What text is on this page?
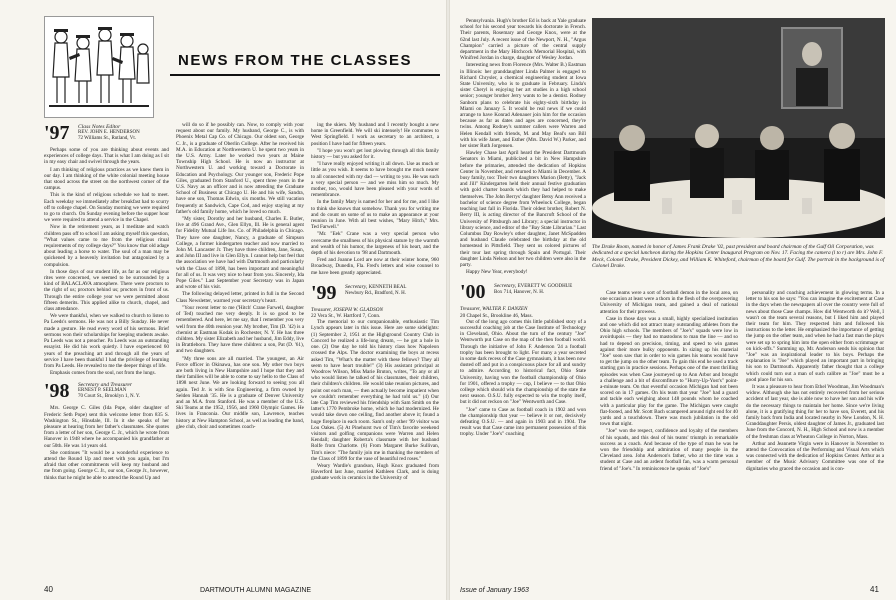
NEWS FROM THE CLASSES
'97 Class Notes Editor
REV. JOHN E. HENDERSON
72 Williams St., Rutland, Vt.

Perhaps some of you are thinking about events and experiences of college days. That is what I am doing as I sit in my easy chair and swivel through the years.

I am thinking of religious practices as we knew them in our day. I am thinking of the white colonial meeting house that stood across the street on the northwest corner of the campus.

This is the kind of religious schedule we had to meet. Each weekday we immediately after breakfast had to scurry off to college chapel. On Sunday morning we were required to go to church. On Sunday evening before the supper hour we were required to attend a service in the Chapel.

Now in the retirement years, as I meditate and watch children pass off to school I am asking myself this question, "What values came to me from the religious ritual requirements of my college days?" You know that old adage about leading a horse to water. The soul of a man may be quickened by a heavenly invitation but antagonized by a compulsion.

In those days of our student life, as far as our religious rites were concerned, we seemed to be surrounded by a kind of BALACLAVA atmosphere. There were proctors to the right of us; proctors behind us; proctors in front of us. Through the entire college year we were permitted about fifteen demerits. This applied alike to church, chapel, and class attendance.

We were thankful, when we walked to church to listen to Pa Leeds's sermons. He was not a Billy Sunday. He never made a gesture. He read every word of his sermons. Brief sermons won their scholarships for keeping students awake. Pa Leeds was not a preacher. Pa Leeds was an outstanding essayist. He did his work quietly. I have experienced 60 years of the preaching art and through all the years of service I have been thankful I had the privilege of learning from Pa Leeds. He revealed to me the deeper things of life.

Emphasis comes from the soul, not from the lungs.

'98 Secretary and Treasurer
ERNEST P. SEELMAN
70 Court St., Brooklyn 1, N. Y.

Mrs. George C. Giles (Ida Pope, older daughter of Frederic Seth Pope) sent this welcome letter from 835 S. Washington St., Hinsdale, Ill. In it she speaks of her pleasure at hearing from her father's classmates. She quotes from a letter of her son, George C. Jr., which he wrote from Hanover in 1948 where he accompanied his grandfather at our 50th. He was 14 years old.

She continues "It would be a wonderful experience to attend the Round Up and meet with you again, but I'm afraid that other commitments will keep my husband and me from going. George C. Jr., our son, George Jr., however, thinks that he might be able to attend the Round Up and

will do so if he possibly can. Now, to comply with your request about our family. My husband, George C., is with Phoenix Metal Cap Co. of Chicago. Our oldest son, George C. Jr., is a graduate of Oberlin College. After he received his M.A. in Education at Northwestern U. he spent two years in the U.S. Army. Later he worked two years at Maine Township High School. He is now an instructor at Northwestern U. and working toward a Doctorate in Education and Psychology. Our younger son, Frederic Pope Giles, graduated from Stanford U., spent three years in the U.S. Navy as an officer and is now attending the Graduate School of Business at Chicago U. He and his wife, Sandra, have one son, Thomas Edwin, six months. We still vacation frequently at Sandwich, Cape Cod, and enjoy staying at my father's old family home, which he loved so much.

"My sister, Dorothy and her husband, Charles E. Butler, live at 496 Grand Ave., Glen Ellyn, Ill. He is general agent for Fidelity Mutual Life Ins. Co. of Philadelphia in Chicago. They have one daughter, Nancy, a graduate of Simpson College, a former kindergarten teacher and now married to John M. Lancaster Jr. They have three children, Jane, Susan, and John III and live in Glen Ellyn. I cannot help but feel that the association we have had with Dartmouth and particularly with the Class of 1898, has been important and meaningful for all of us. It was very nice to hear from you. Sincerely, Ida Pope Giles." Last September your Secretary was in Japan and wrote of his visit.

The following delayed letter, printed in full in the Second Class Newsletter, warmed your secretary's heart.

"Your recent letter to me ('Hitch' Crane Farwell, daughter of Ted) touched me very deeply. It is so good to be remembered. And here, let me say, that I remember you very well from the 40th reunion year. My brother, Tim (D. '42) is a chemist at Eastman Kodak in Rochester, N. Y. He has three children. My sister Elizabeth and her husband, Jim Eddy, live in Brattleboro. They have three children: a son, Pat (D. '61), and two daughters.

"My three sons are all married. The youngest, an Air Force officer in Okinawa, has one son. My other two boys are both living in New Hampshire and I hope that they and their families will be able to come to say hello to the Class of 1898 next June. We are looking forward to seeing you all again. Ted Jr. is with Sno Engineering, a firm owned by Selden Hannah '35. He is a graduate of Denver University and an M.A. from Stanford. He was a member of the U.S. Ski Teams at the 1952, 1956, and 1960 Olympic Games. He lives in Franconia. Our middle son, Lawrence, teaches history at New Hampton School, as well as leading the band, glee club, choir and sometimes coach-

ing the skiers. My husband and I recently bought a new home in Greenfield. We will ski intensely! He commutes to West Springfield. I work as secretary to an architect, a position I have had for fifteen years.

"I hope you won't get lost plowing through all this family history — but you asked for it.

"I have really enjoyed writing it all down. Use as much or little as you wish. It seems to have brought me much nearer to all connected with my dad — writing to you. He was such a very special person — and we miss him so much. My mother, too, would have been pleased with your words of remembrance.

In the family Mary is named for her and for me, and I like to think she knows that somehow. Thank you for writing me and do count on some of us to make an appearance at your reunion in June. With all best wishes, "Mary Hitch," Mrs. Ted Farwell."

"Mr. "Eek" Crane was a very special person who overcame the smallness of his physical stature by the warmth and wealth of his humor, the largeness of his heart, and the depth of his devotion to '98 and Dartmouth.

Fred and Joanne Lord are now at their winter home, 960 Broadway, Dunedin, Fla. Fred's letters and wise counsel to me have been greatly appreciated.

'99 Secretary, KENNETH BEAL
Newbury Rd., Bradford, N. H.
Treasurer, JOSEPH W. GLADSON
22 Vera St., W. Hartford 7, Conn.

The memorial to our companionable, enthusiastic Tim Lynch appears later in this issue. Here are some sidelights: (1) September 2, 1951 at the Highground Country Club in Concord he realized a life-long dream, — he got a hole in one. (2) One day he told his history class how Napoleon crossed the Alps. The doctor examining the boys at recess asked Tim, "What's the matter with these fellows? They all seem to have heart trouble!" (3) His assistant principal at Woodrow Wilson, Miss Marie Bruton, writes, "To any or all who would listen he talked of his classmates, their children, their children's children. He would take reunion pictures, and point out each man, — then actually become impatient when we couldn't remember everything he had told us." (4) Our late Cap Tim reviewed his friendship with Sam Smith on the latter's 1770 Pembroke home, which he had modernized. He would take down one ceiling, find another above it; found a huge fireplace in each room. Sam's only other '99 visitor was Lou Oakes. (5) At Pinehurst two of Tim's favorite weekend visitors and golfing companions were Warren and Helen Kendall; daughter Roberta's classmate with her husband Rolfe from Charlotte. (6) From Margaret Burke Sullivan, Tim's niece: "The family join me in thanking the members of the Class of 1899 for the vase of beautiful red roses."

Weary Wardle's grandson, Hugh Knox graduated from Haverford last June, married Kathleen Clark, and is doing graduate work in ceramics in the University of

40	DARTMOUTH ALUMNI MAGAZINE

Pennsylvania. Hugh's brother Ed is back at Yale graduate school for his second year towards his doctorate in French. Their parents, Rosemary and George Knox, were at the 62nd last July. A recent issue of the Newport, N. H., "Argus Champion" carried a picture of the central supply department in the Mary Hitchcock Memorial Hospital, with Winifred Jordan in charge, daughter of Wesley Jordan.

Interesting news from Florence (Mrs. Walter B.) Eastman in Illinois: her granddaughter Linda Palmer is engaged to Richard Chrysler, a chemical engineering student at Iowa State University, who is to graduate in February. Linda's sister Cheryl is enjoying her art studies in a high school senior; younger brother Jerry wants to be a dentist. Rodney Sanborn plans to celebrate his eighty-sixth birthday in Miami on January 5. It would be real news if we could arrange to have Konrad Adenauer join him for the occasion because as far as dates and ages are concerned, they're twins. Among Rodney's summer callers were Warren and Helen Kendall with friends, M. and May Beal's son Bill with his wife Janet, and Esther (Mrs. David W.) Parker, and her sister Ruth Jorgensen.

Hawley Chase last April heard the President Dartmouth Senators in Miami, publicized a bit in New Hampshire before the primaries, attended the dedication of Hopkins Center in November, and returned to Miami in December. A busy family, too: Their two daughters Marion (Betty), "Jack and Jill" Kindergarten held their annual festive graduation with gold charter boards which they had helped to make themselves. The John Berrys' daughter Betsy Ann received a bachelor of science degree from Wheelock College, began teaching last fall in Florida. Their oldest brother, Robert N. Berry III, is acting director of the Bancroft School of the University of Pittsburgh and Library; a special instructor in library science, and editor of the "Bay State Librarian." Last Columbus Day Rowley's other daughter, Janet McSpadden and husband Claude celebrated the birthday at the old homestead in Pittsfield. They sent us colored pictures of their tour last spring through Spain and Portugal. Their daughter Linda Nelson and her two children were also in the party.

Happy New Year, everybody!

'00 Secretary, EVERETT W. GOODHUE
Box 714, Hanover, N. H.
Treasurer, WALTER F. DANZEN
20 Chapel St., Brookline 46, Mass.

Out of the long ago comes this little published story of a successful coaching job at the Case Institute of Technology in Cleveland, Ohio. About the turn of the century "Joe" Wentworth put Case on the map of the then football world. Through the initiative of John F. Anderson '24 a football trophy has been brought to light. For many a year secreted in some dark recess of the Case gymnasium, it has been now dusted off and put in a conspicuous place for all and sundry to admire. According to historical fact, Ohio State University, having won the football championship of Ohio for 1901, offered a trophy — cup, I believe — to that Ohio college which should win the championship of the state the next season. O.S.U. fully expected to win the trophy itself, but it did not reckon on "Joe" Wentworth and Case.

"Joe" came to Case as football coach in 1902 and won the championship that year — believe it or not, decisively defeating O.S.U. — and again in 1903 and in 1904. The result was that Case came into permanent possession of this trophy. Under "Joe's" coaching

The Drake Room, named in honor of James Frank Drake '02, past president and board chairman of the Gulf Oil Corporation, was dedicated at a special luncheon during the Hopkins Center Inaugural Program on Nov. 17. Facing the camera (l to r) are Mrs. John F. Meck, Colonel Drake, President Dickey, and William K. Whiteford, chairman of the board for Gulf. The portrait in the background is of Colonel Drake.

Case teams were a sort of football demon in the local area, on one occasion at least were a thorn in the flesh of the overpowering University of Michigan team, and gained a deal of national attention for their prowess.

Case in those days was a small, highly specialized institution and one which did not attract many outstanding athletes from the Ohio high schools. The members of "Joe's" squads were low in avoirdupois — they had no mastodons to man the line — and so had to depend on precision, timing, and speed to win games against their more bulky opponents. In sizing up his material "Joe" soon saw that in order to win games his teams would have to get the jump on the other team. To gain this end he used a track starting gun in practice sessions. Perhaps one of the most thrilling episodes was when Case journeyed up to Ann Arbor and brought a challenge and a bit of discomfiture to "Hurry-Up-Yost's" point-a-minute team. On that eventful occasion Michigan had not been scored on in 17 games. On his team that year "Joe" had a guard and tackle each weighing about 148 pounds whom he coached with a particular play for the game. The Michigan were caught flat-footed, and Mr. Scott Bach scampered around right end for 40 yards and a touchdown. There was much jubilation in the old town that night.

"Joe" won the respect, confidence and loyalty of the members of his squads, and this deal of his teams' triumph in remarkable success as a coach. And because of the type of man he was he won the friendship and admiration of many people in the Cleveland area. John Anderson's father, who at the time was a student at Case and an ardent football fan, was a warm personal friend of "Joe's." In reminiscence he speaks of "Joe's"

personality and coaching achievement in glowing terms. In a letter to his son he says: "You can imagine the excitement at Case in the days when the newspapers all over the country were full of news about those Case champs. How did Wentworth do it? Well, I wasn't on the team several reasons, but I liked him and played their team for him. They respected him and followed his instructions to the letter. He emphasized the importance of getting the jump on the other team, and when he had a fast man the plays were set up to spring him into the open either from scrimmage or on kick-offs." Summing up, Mr. Anderson sends his opinion that "Joe" was an inspirational leader to his boys. Perhaps the explanation is "Joe" which played an important part in bringing his son to Dartmouth. Apparently father thought that a college which could turn out a man of such calibre as "Joe" must be a good place for his son.

It was a pleasure to hear from Ethel Woodman, Jim Woodman's widow. Although she has not entirely recovered from her serious accident of last year, she is able now to have her son and his wife do the necessary things to maintain her home. Since we're living alone, it is a gratifying thing for her to have son, Everett, and his family back from India and located nearby in New London, N. H. Granddaughter Persis, oldest daughter of James Jr., graduated last June from the Concord, N. H., High School and now is a member of the freshman class at Wheaton College in Norton, Mass.

Arthur and Jeannette Virgin were in Hanover in November to attend the Convocation of the Performing and Visual Arts which was connected with the dedication of Hopkins Center. Arthur as a member of the Music Advisory Committee was one of the dignitaries who graced the occasion and is con-

Issue of January 1963	41
